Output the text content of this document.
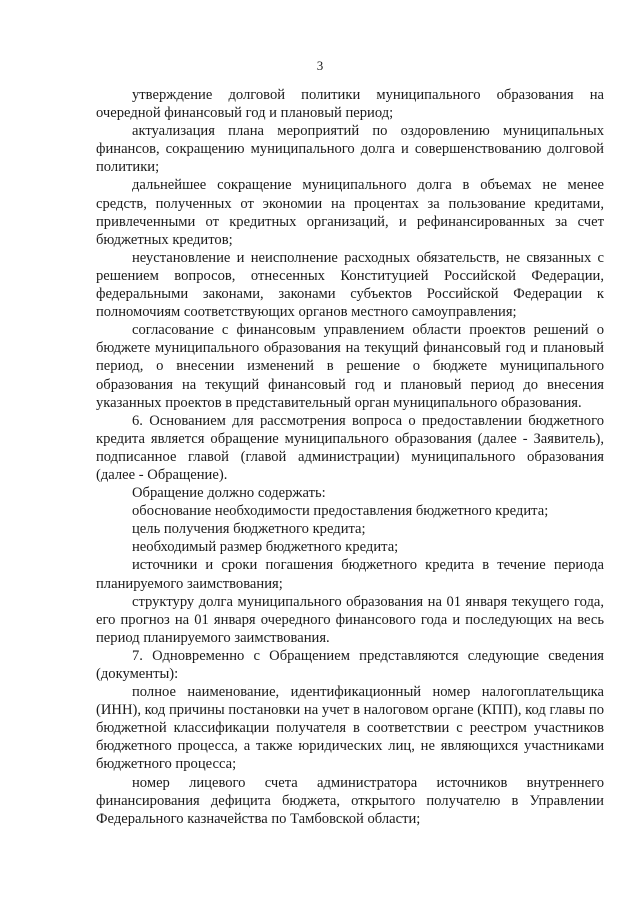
3

утверждение долговой политики муниципального образования на очередной финансовый год и плановый период;

актуализация плана мероприятий по оздоровлению муниципальных финансов, сокращению муниципального долга и совершенствованию долговой политики;

дальнейшее сокращение муниципального долга в объемах не менее средств, полученных от экономии на процентах за пользование кредитами, привлеченными от кредитных организаций, и рефинансированных за счет бюджетных кредитов;

неустановление и неисполнение расходных обязательств, не связанных с решением вопросов, отнесенных Конституцией Российской Федерации, федеральными законами, законами субъектов Российской Федерации к полномочиям соответствующих органов местного самоуправления;

согласование с финансовым управлением области проектов решений о бюджете муниципального образования на текущий финансовый год и плановый период, о внесении изменений в решение о бюджете муниципального образования на текущий финансовый год и плановый период до внесения указанных проектов в представительный орган муниципального образования.

6. Основанием для рассмотрения вопроса о предоставлении бюджетного кредита является обращение муниципального образования (далее - Заявитель), подписанное главой (главой администрации) муниципального образования (далее - Обращение).

Обращение должно содержать:

обоснование необходимости предоставления бюджетного кредита;

цель получения бюджетного кредита;

необходимый размер бюджетного кредита;

источники и сроки погашения бюджетного кредита в течение периода планируемого заимствования;

структуру долга муниципального образования на 01 января текущего года, его прогноз на 01 января очередного финансового года и последующих на весь период планируемого заимствования.

7. Одновременно с Обращением представляются следующие сведения (документы):

полное наименование, идентификационный номер налогоплательщика (ИНН), код причины постановки на учет в налоговом органе (КПП), код главы по бюджетной классификации получателя в соответствии с реестром участников бюджетного процесса, а также юридических лиц, не являющихся участниками бюджетного процесса;

номер лицевого счета администратора источников внутреннего финансирования дефицита бюджета, открытого получателю в Управлении Федерального казначейства по Тамбовской области;
